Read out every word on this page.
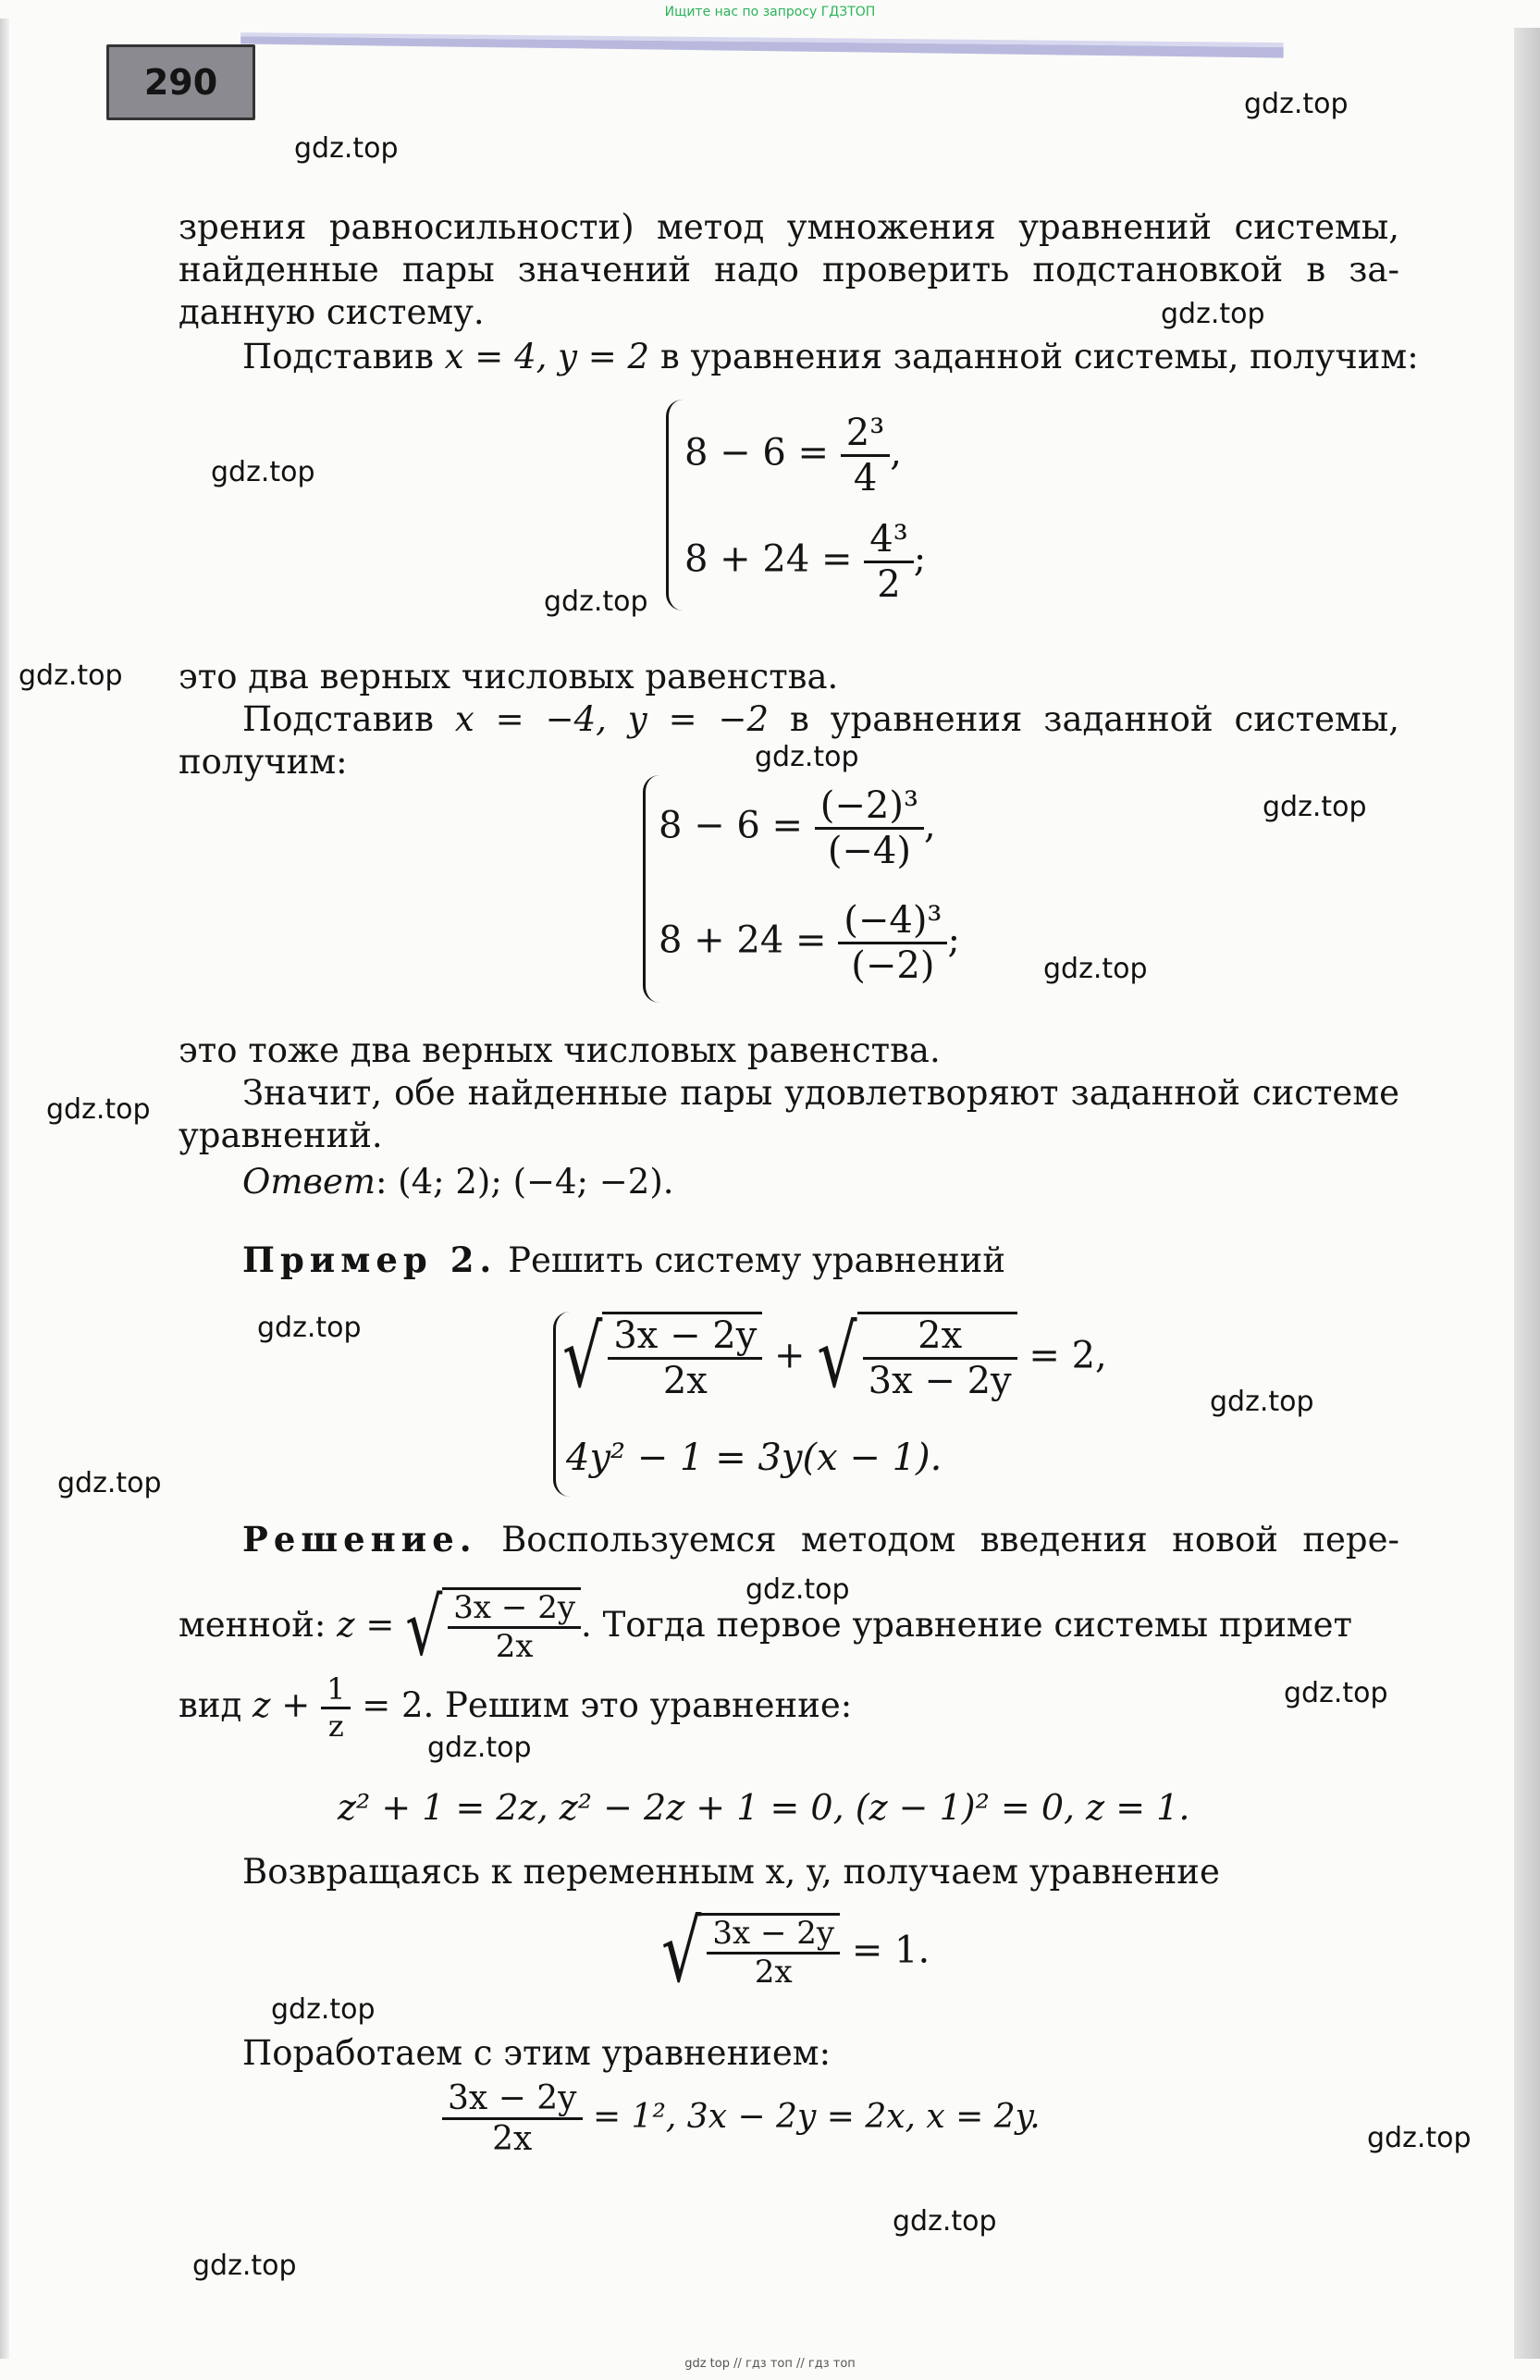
Ищите нас по запросу ГДЗТОП
290
gdz.top
gdz.top
gdz.top
gdz.top
gdz.top
gdz.top
gdz.top
gdz.top
gdz.top
gdz.top
gdz.top
gdz.top
gdz.top
gdz.top
gdz.top
gdz.top
gdz.top
gdz.top
gdz.top
gdz.top
зрения равносильности) метод умножения уравнений системы,
найденные пары значений надо проверить подстановкой в за-
данную систему.
Подставив x = 4, y = 2 в уравнения заданной системы, получим:
$8 - 6 = \frac{\text{2³}}{4}$ ,
$8 + 24 = \frac{\text{4³}}{2}$ ;
это два верных числовых равенства.
Подставив x = −4, y = −2 в уравнения заданной системы,
получим:
$8 - 6 = \frac{\text{(−2)³}}{(-4)}$ ,
$8 + 24 = \frac{\text{(−4)³}}{(-2)}$ ;
это тоже два верных числовых равенства.
Значит, обе найденные пары удовлетворяют заданной системе
уравнений.
Ответ: (4; 2); (−4; −2).
Пример 2. Решить систему уравнений
√ $\frac{3x - 2y}{2x}$ + √ $\frac{2x}{3x - 2y} = 2$,
4y² − 1 = 3y(x − 1).
Решение. Воспользуемся методом введения новой пере-
менной: z = √ $\frac{3x - 2y}{2x}$ . Тогда первое уравнение системы примет
вид $z + \frac{1}{z} = 2$. Решим это уравнение:
z² + 1 = 2z, z² − 2z + 1 = 0, (z − 1)² = 0, z = 1.
Возвращаясь к переменным x, y, получаем уравнение
√ $\frac{3x - 2y}{2x} = 1$.
Поработаем с этим уравнением:
$\frac{3x - 2y}{2x} = 1^2$, 3x − 2y = 2x, x = 2y.
gdz top // гдз топ // гдз топ
